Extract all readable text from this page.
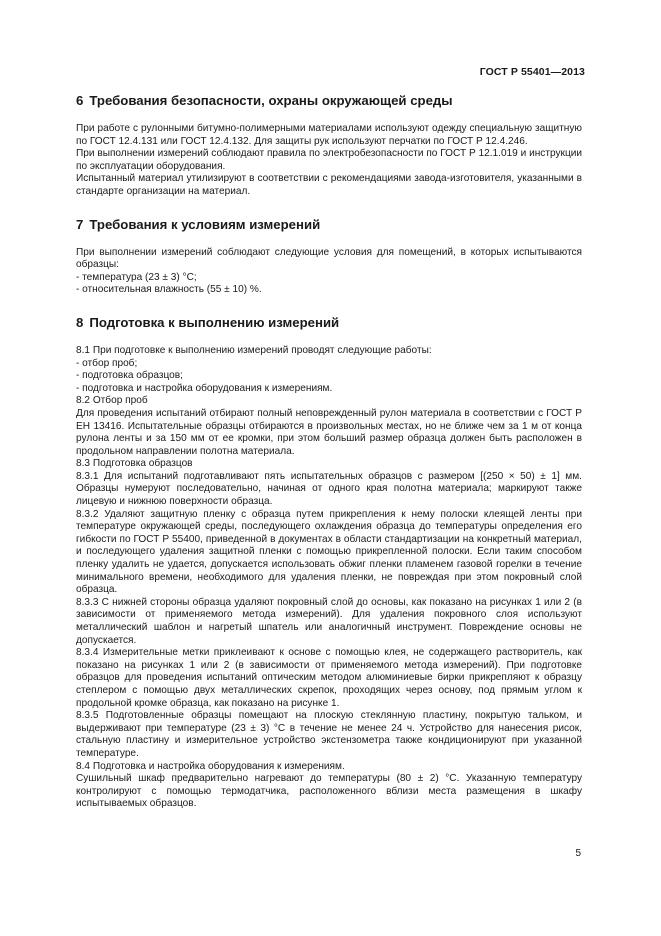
ГОСТ Р 55401—2013
6 Требования безопасности, охраны окружающей среды

При работе с рулонными битумно-полимерными материалами используют одежду специальную защитную по ГОСТ 12.4.131 или ГОСТ 12.4.132. Для защиты рук используют перчатки по ГОСТ Р 12.4.246.

При выполнении измерений соблюдают правила по электробезопасности по ГОСТ Р 12.1.019 и инструкции по эксплуатации оборудования.

Испытанный материал утилизируют в соответствии с рекомендациями завода-изготовителя, указанными в стандарте организации на материал.

7 Требования к условиям измерений

При выполнении измерений соблюдают следующие условия для помещений, в которых испытываются образцы:

- температура (23 ± 3) °С;

- относительная влажность (55 ± 10) %.

8 Подготовка к выполнению измерений

8.1 При подготовке к выполнению измерений проводят следующие работы:

- отбор проб;

- подготовка образцов;

- подготовка и настройка оборудования к измерениям.

8.2 Отбор проб

Для проведения испытаний отбирают полный неповрежденный рулон материала в соответствии с ГОСТ Р ЕН 13416. Испытательные образцы отбираются в произвольных местах, но не ближе чем за 1 м от конца рулона ленты и за 150 мм от ее кромки, при этом больший размер образца должен быть расположен в продольном направлении полотна материала.

8.3 Подготовка образцов

8.3.1 Для испытаний подготавливают пять испытательных образцов с размером [(250 × 50) ± 1] мм. Образцы нумеруют последовательно, начиная от одного края полотна материала; маркируют также лицевую и нижнюю поверхности образца.

8.3.2 Удаляют защитную пленку с образца путем прикрепления к нему полоски клеящей ленты при температуре окружающей среды, последующего охлаждения образца до температуры определения его гибкости по ГОСТ Р 55400, приведенной в документах в области стандартизации на конкретный материал, и последующего удаления защитной пленки с помощью прикрепленной полоски. Если таким способом пленку удалить не удается, допускается использовать обжиг пленки пламенем газовой горелки в течение минимального времени, необходимого для удаления пленки, не повреждая при этом покровный слой образца.

8.3.3 С нижней стороны образца удаляют покровный слой до основы, как показано на рисунках 1 или 2 (в зависимости от применяемого метода измерений). Для удаления покровного слоя используют металлический шаблон и нагретый шпатель или аналогичный инструмент. Повреждение основы не допускается.

8.3.4 Измерительные метки приклеивают к основе с помощью клея, не содержащего растворитель, как показано на рисунках 1 или 2 (в зависимости от применяемого метода измерений). При подготовке образцов для проведения испытаний оптическим методом алюминиевые бирки прикрепляют к образцу степлером с помощью двух металлических скрепок, проходящих через основу, под прямым углом к продольной кромке образца, как показано на рисунке 1.

8.3.5 Подготовленные образцы помещают на плоскую стеклянную пластину, покрытую тальком, и выдерживают при температуре (23 ± 3) °С в течение не менее 24 ч. Устройство для нанесения рисок, стальную пластину и измерительное устройство экстензометра также кондиционируют при указанной температуре.

8.4 Подготовка и настройка оборудования к измерениям.

Сушильный шкаф предварительно нагревают до температуры (80 ± 2) °С. Указанную температуру контролируют с помощью термодатчика, расположенного вблизи места размещения в шкафу испытываемых образцов.

5
